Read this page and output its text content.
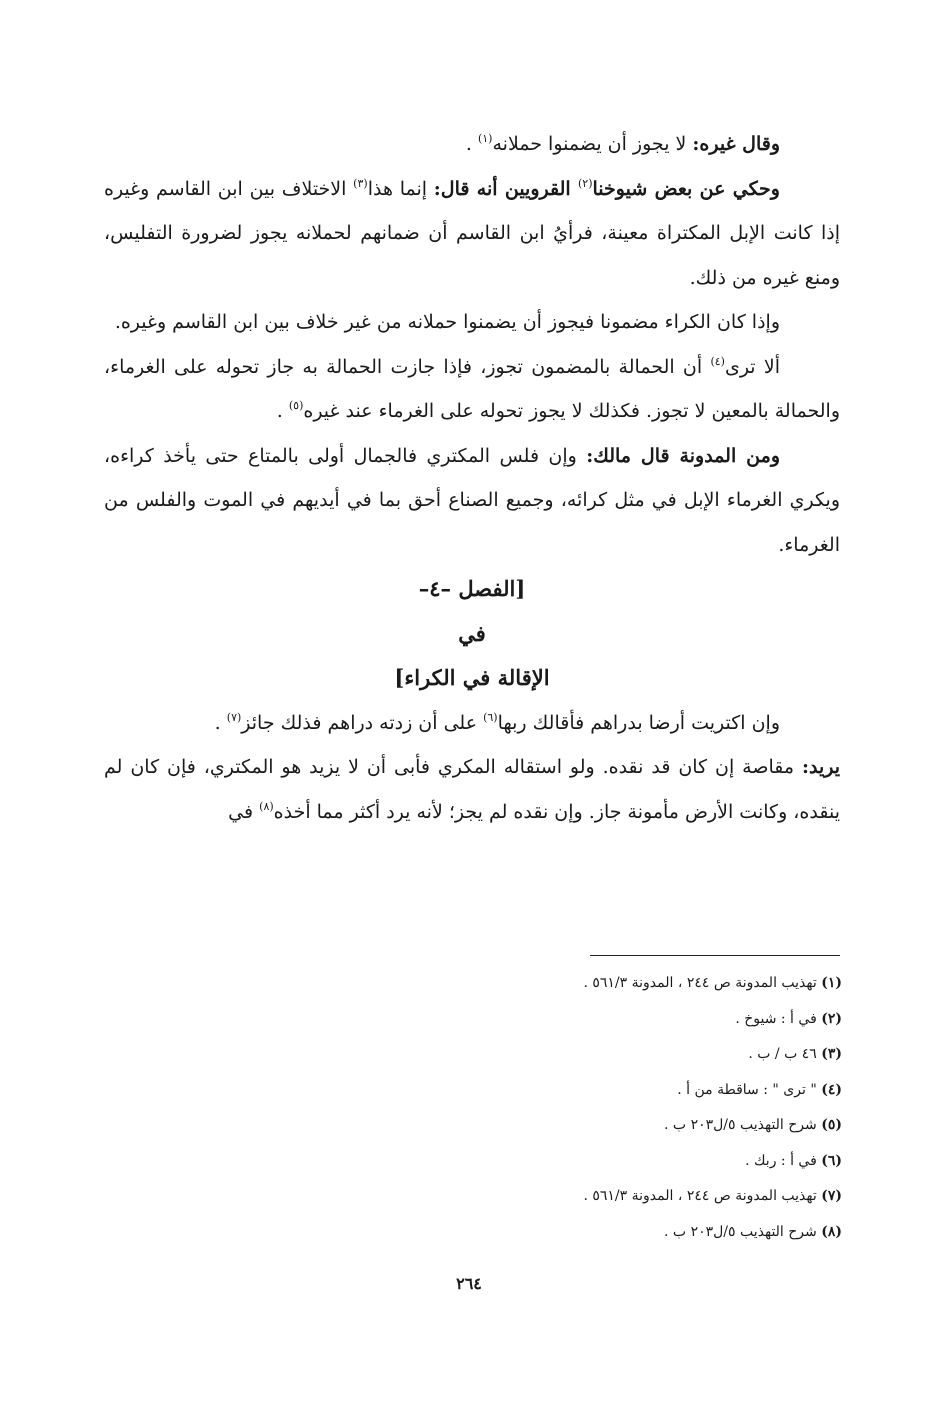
وقال غيره: لا يجوز أن يضمنوا حملانه$^{(١)}$ .

وحكي عن بعض شيوخنا$^{(٢)}$ القرويين أنه قال: إنما هذا$^{(٣)}$ الاختلاف بين ابن القاسم وغيره إذا كانت الإبل المكتراة معينة، فرأيُ ابن القاسم أن ضمانهم لحملانه يجوز لضرورة التفليس، ومنع غيره من ذلك.

وإذا كان الكراء مضمونا فيجوز أن يضمنوا حملانه من غير خلاف بين ابن القاسم وغيره.

ألا ترى$^{(٤)}$ أن الحمالة بالمضمون تجوز، فإذا جازت الحمالة به جاز تحوله على الغرماء، والحمالة بالمعين لا تجوز. فكذلك لا يجوز تحوله على الغرماء عند غيره$^{(٥)}$ .

ومن المدونة قال مالك: وإن فلس المكتري فالجمال أولى بالمتاع حتى يأخذ كراءه، ويكري الغرماء الإبل في مثل كرائه، وجميع الصناع أحق بما في أيديهم في الموت والفلس من الغرماء.

[الفصل –٤–

في

الإقالة في الكراء]

وإن اكتريت أرضا بدراهم فأقالك ربها$^{(٦)}$ على أن زدته دراهم فذلك جائز$^{(٧)}$ .

يريد: مقاصة إن كان قد نقده. ولو استقاله المكري فأبى أن لا يزيد هو المكتري، فإن كان لم ينقده، وكانت الأرض مأمونة جاز. وإن نقده لم يجز؛ لأنه يرد أكثر مما أخذه$^{(٨)}$ في

(١) تهذيب المدونة ص ٢٤٤ ، المدونة ٥٦١/٣ .
(٢) في أ : شيوخ .
(٣) ٤٦ ب / ب .
(٤) " ترى " : ساقطة من أ .
(٥) شرح التهذيب ٥/ل٢٠٣ ب .
(٦) في أ : ربك .
(٧) تهذيب المدونة ص ٢٤٤ ، المدونة ٥٦١/٣ .
(٨) شرح التهذيب ٥/ل٢٠٣ ب .
٢٦٤
